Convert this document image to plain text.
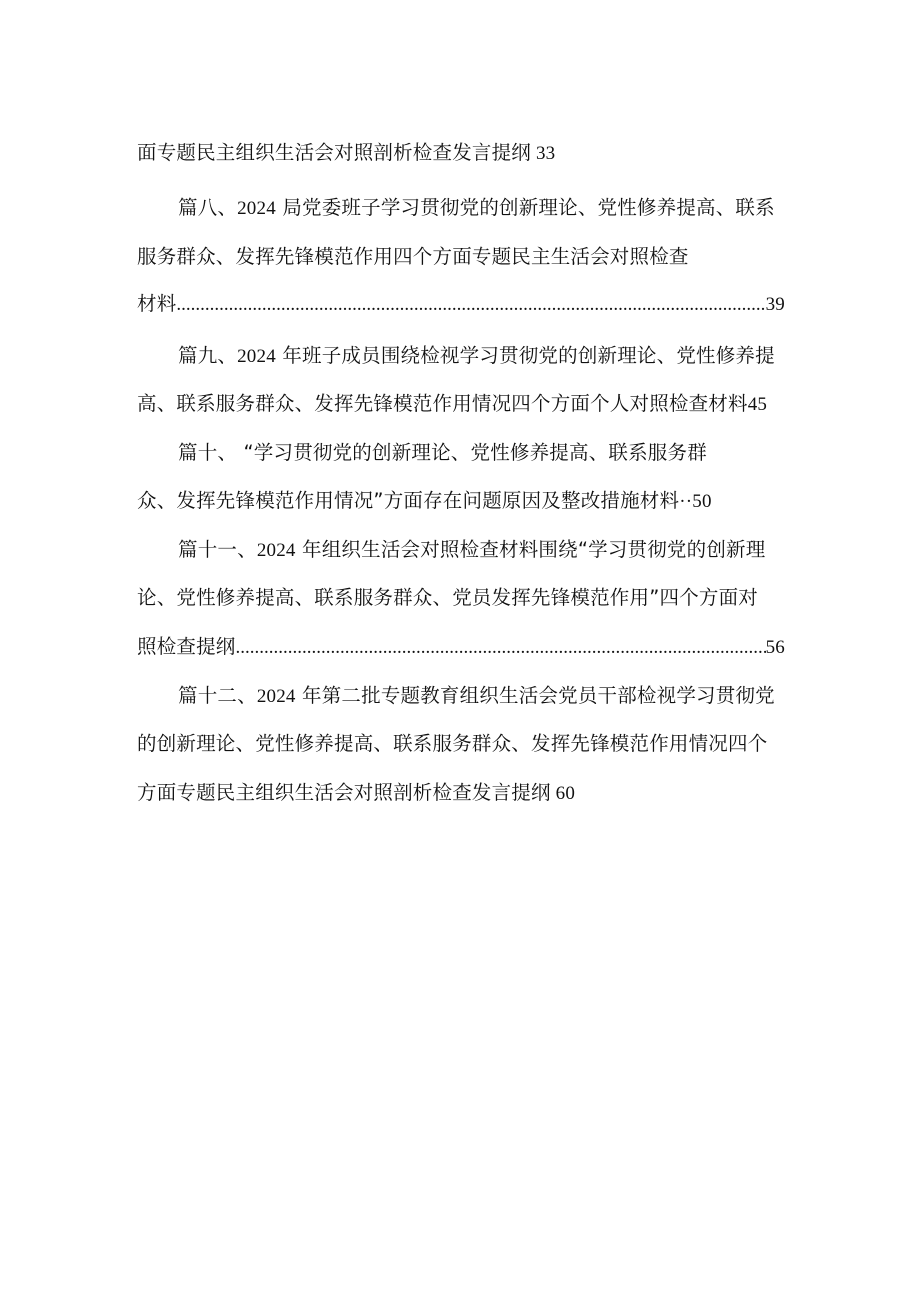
面专题民主组织生活会对照剖析检查发言提纲 33
篇八、2024 局党委班子学习贯彻党的创新理论、党性修养提高、联系
服务群众、发挥先锋模范作用四个方面专题民主生活会对照检查
材料 .....	39
篇九、2024 年班子成员围绕检视学习贯彻党的创新理论、党性修养提
高、联系服务群众、发挥先锋模范作用情况四个方面个人对照检查材料45
篇十、 “学习贯彻党的创新理论、党性修养提高、联系服务群
众、发挥先锋模范作用情况”方面存在问题原因及整改措施材料··50
篇十一、2024 年组织生活会对照检查材料围绕“学习贯彻党的创新理
论、党性修养提高、联系服务群众、党员发挥先锋模范作用”四个方面对
照检查提纲 .....	56
篇十二、2024 年第二批专题教育组织生活会党员干部检视学习贯彻党
的创新理论、党性修养提高、联系服务群众、发挥先锋模范作用情况四个
方面专题民主组织生活会对照剖析检查发言提纲 60
